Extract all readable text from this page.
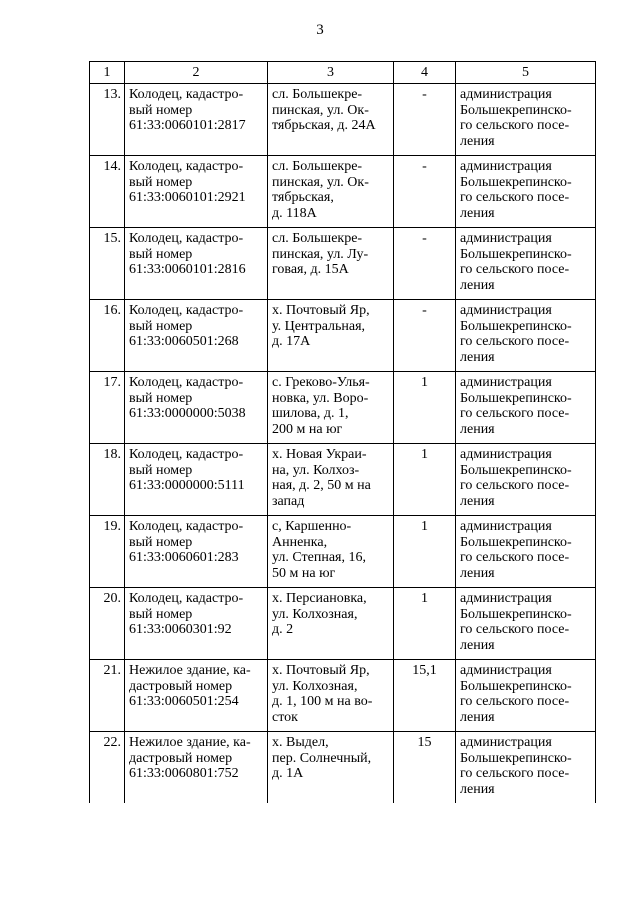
3
1	2	3	4	5
13.	Колодец, кадастро-
вый номер
61:33:0060101:2817	сл. Большекре-
пинская, ул. Ок-
тябрьская, д. 24А	-	администрация
Большекрепинско-
го сельского посе-
ления

14.	Колодец, кадастро-
вый номер
61:33:0060101:2921	сл. Большекре-
пинская, ул. Ок-
тябрьская,
д. 118А	-	администрация
Большекрепинско-
го сельского посе-
ления

15.	Колодец, кадастро-
вый номер
61:33:0060101:2816	сл. Большекре-
пинская, ул. Лу-
говая, д. 15А	-	администрация
Большекрепинско-
го сельского посе-
ления

16.	Колодец, кадастро-
вый номер
61:33:0060501:268	х. Почтовый Яр,
у. Центральная,
д. 17А	-	администрация
Большекрепинско-
го сельского посе-
ления

17.	Колодец, кадастро-
вый номер
61:33:0000000:5038	с. Греково-Улья-
новка, ул. Воро-
шилова, д. 1,
200 м на юг	1	администрация
Большекрепинско-
го сельского посе-
ления

18.	Колодец, кадастро-
вый номер
61:33:0000000:5111	х. Новая Украи-
на, ул. Колхоз-
ная, д. 2, 50 м на
запад	1	администрация
Большекрепинско-
го сельского посе-
ления

19.	Колодец, кадастро-
вый номер
61:33:0060601:283	с, Каршенно-
Анненка,
ул. Степная, 16,
50 м на юг	1	администрация
Большекрепинско-
го сельского посе-
ления

20.	Колодец, кадастро-
вый номер
61:33:0060301:92	х. Персиановка,
ул. Колхозная,
д. 2	1	администрация
Большекрепинско-
го сельского посе-
ления

21.	Нежилое здание, ка-
дастровый номер
61:33:0060501:254	х. Почтовый Яр,
ул. Колхозная,
д. 1, 100 м на во-
сток	15,1	администрация
Большекрепинско-
го сельского посе-
ления

22.	Нежилое здание, ка-
дастровый номер
61:33:0060801:752	х. Выдел,
пер. Солнечный,
д. 1А	15	администрация
Большекрепинско-
го сельского посе-
ления
